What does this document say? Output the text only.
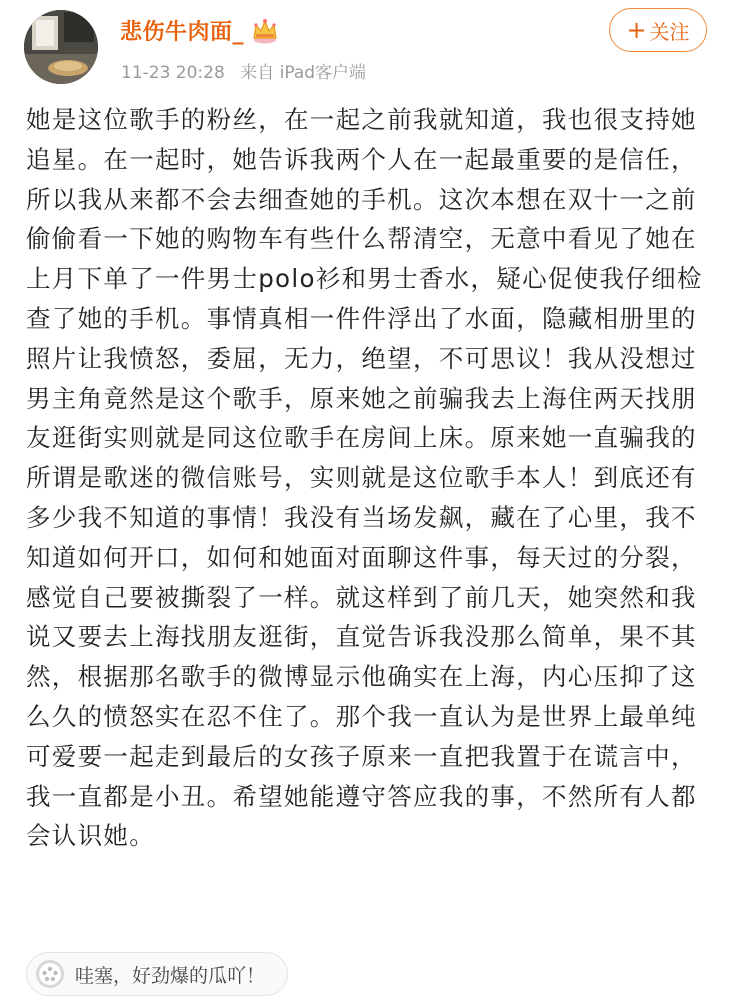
悲伤牛肉面_
11-23 20:28 来自 iPad客户端
+ 关注
她是这位歌手的粉丝，在一起之前我就知道，我也很支持她追星。在一起时，她告诉我两个人在一起最重要的是信任，所以我从来都不会去细查她的手机。这次本想在双十一之前偷偷看一下她的购物车有些什么帮清空，无意中看见了她在上月下单了一件男士polo衫和男士香水，疑心促使我仔细检查了她的手机。事情真相一件件浮出了水面，隐藏相册里的照片让我愤怒，委屈，无力，绝望，不可思议！我从没想过男主角竟然是这个歌手，原来她之前骗我去上海住两天找朋友逛街实则就是同这位歌手在房间上床。原来她一直骗我的所谓是歌迷的微信账号，实则就是这位歌手本人！到底还有多少我不知道的事情！我没有当场发飙，藏在了心里，我不知道如何开口，如何和她面对面聊这件事，每天过的分裂，感觉自己要被撕裂了一样。就这样到了前几天，她突然和我说又要去上海找朋友逛街，直觉告诉我没那么简单，果不其然，根据那名歌手的微博显示他确实在上海，内心压抑了这么久的愤怒实在忍不住了。那个我一直认为是世界上最单纯可爱要一起走到最后的女孩子原来一直把我置于在谎言中，我一直都是小丑。希望她能遵守答应我的事，不然所有人都会认识她。
哇塞，好劲爆的瓜吖！
